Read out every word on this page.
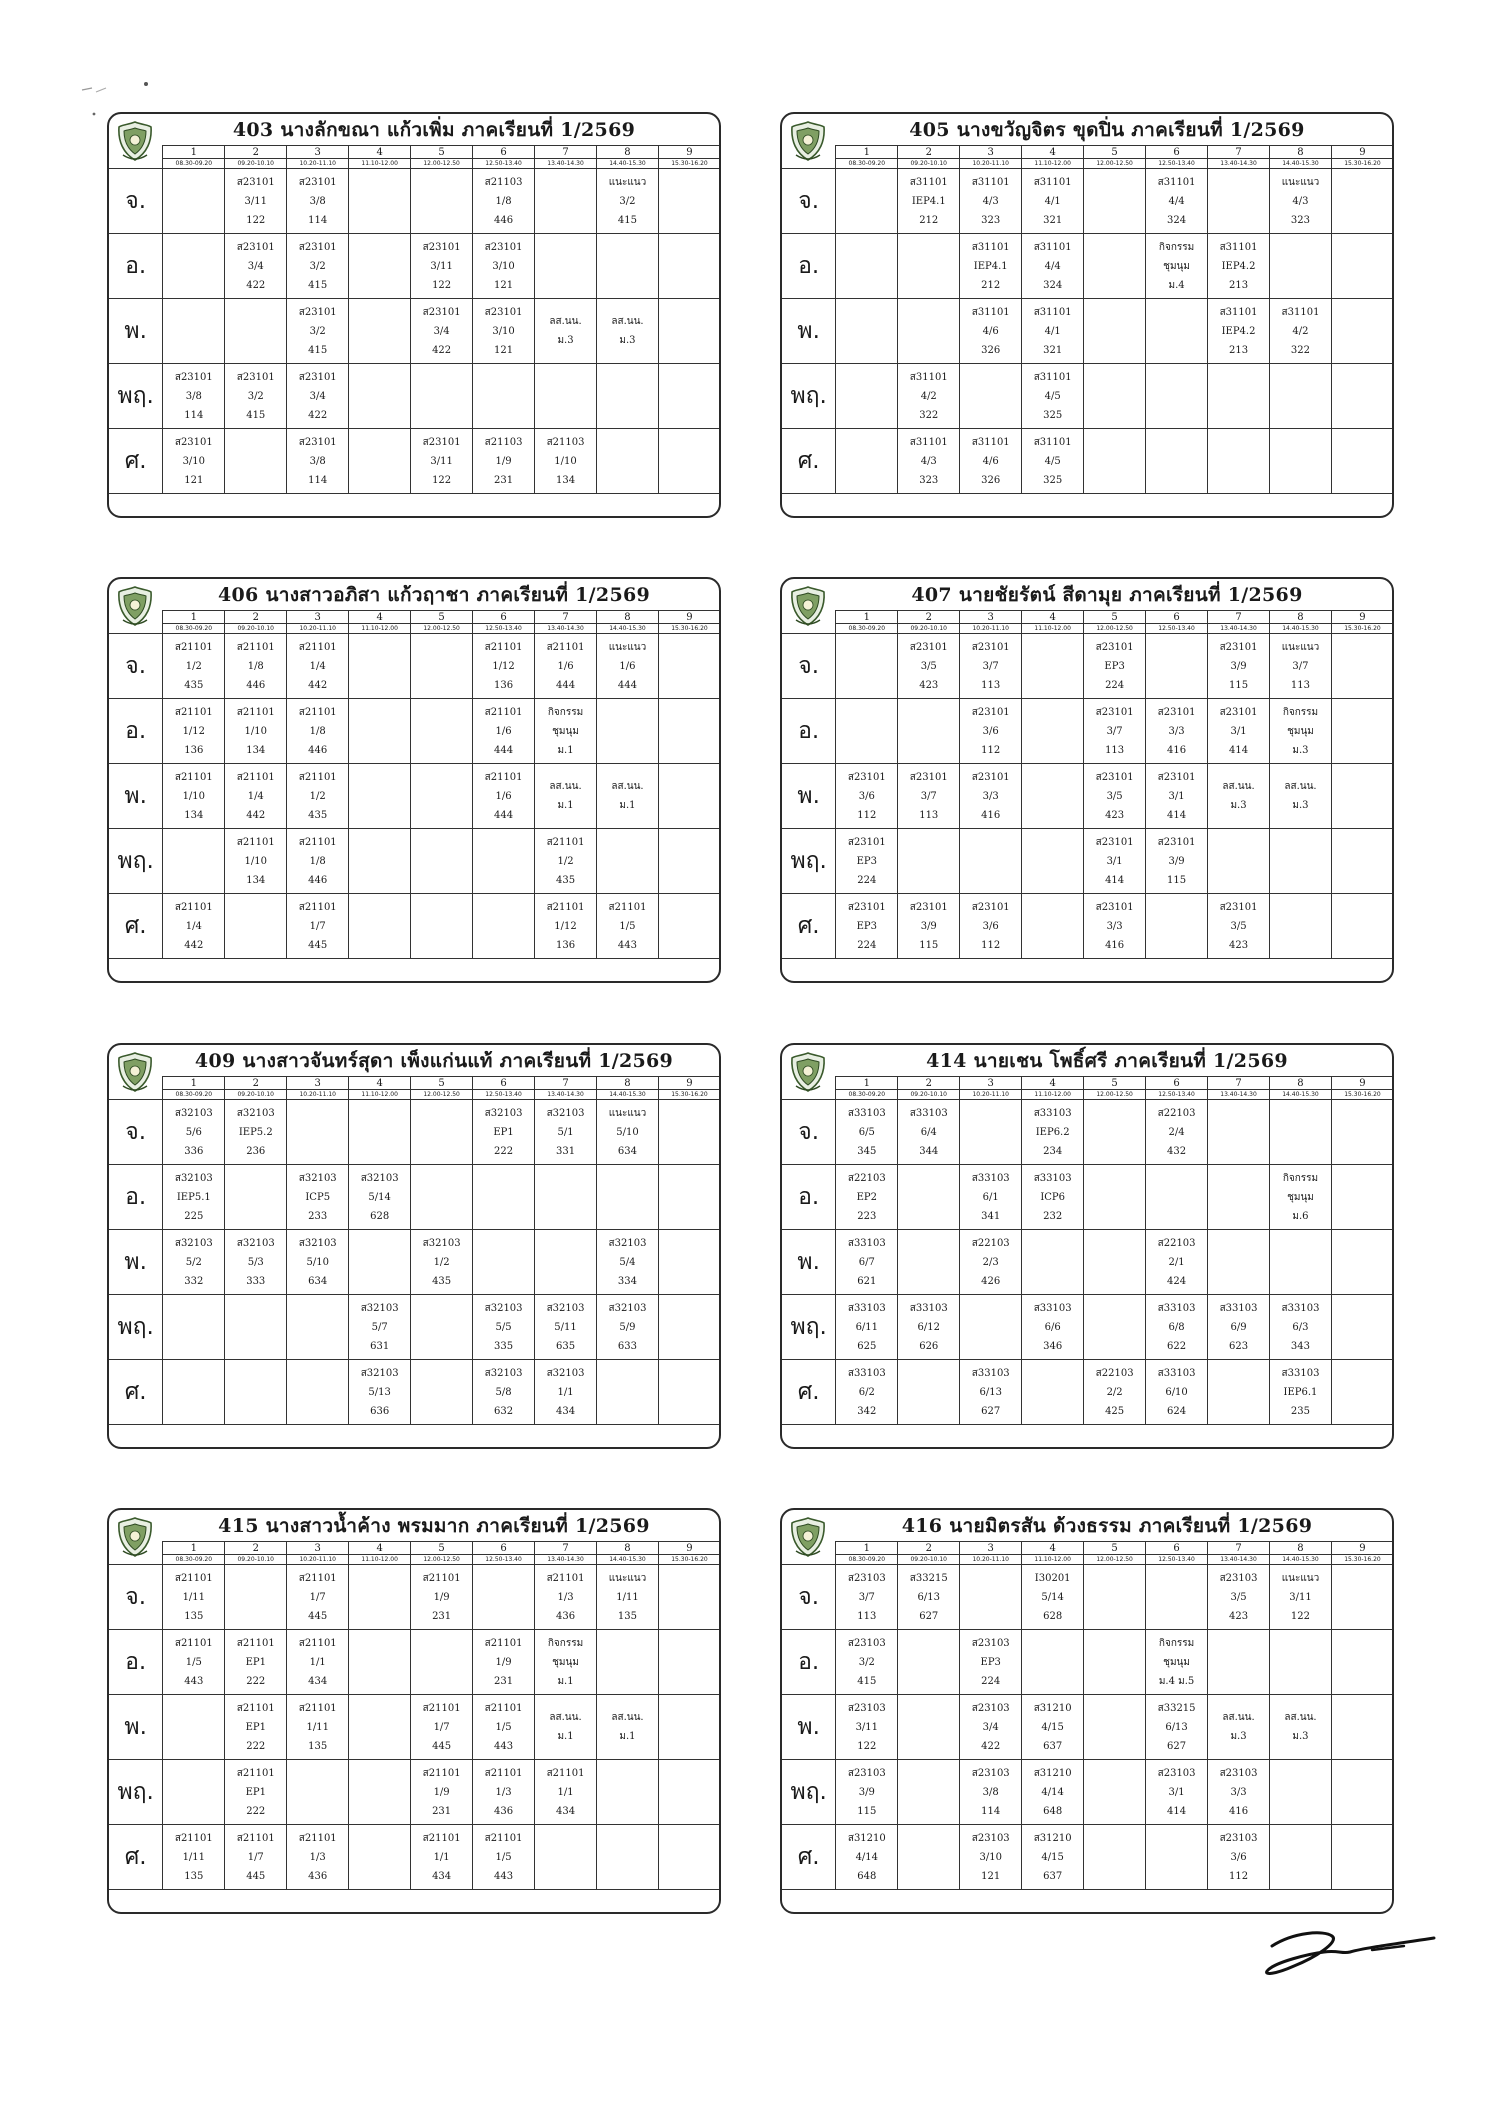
403 นางลักขณา แก้วเพิ่ม ภาคเรียนที่ 1/2569
	1	2	3	4	5	6	7	8	9
	08.30-09.20	09.20-10.10	10.20-11.10	11.10-12.00	12.00-12.50	12.50-13.40	13.40-14.30	14.40-15.30	15.30-16.20
จ.		ส23101
3/11
122	ส23101
3/8
114			ส21103
1/8
446		แนะแนว
3/2
415	

อ.		ส23101
3/4
422	ส23101
3/2
415		ส23101
3/11
122	ส23101
3/10
121			

พ.			ส23101
3/2
415		ส23101
3/4
422	ส23101
3/10
121	ลส.นน.
ม.3	ลส.นน.
ม.3	

พฤ.	ส23101
3/8
114	ส23101
3/2
415	ส23101
3/4
422						

ศ.	ส23101
3/10
121		ส23101
3/8
114		ส23101
3/11
122	ส21103
1/9
231	ส21103
1/10
134		

405 นางขวัญจิตร ขุดปิ่น ภาคเรียนที่ 1/2569
	1	2	3	4	5	6	7	8	9
	08.30-09.20	09.20-10.10	10.20-11.10	11.10-12.00	12.00-12.50	12.50-13.40	13.40-14.30	14.40-15.30	15.30-16.20
จ.		ส31101
IEP4.1
212	ส31101
4/3
323	ส31101
4/1
321		ส31101
4/4
324		แนะแนว
4/3
323	

อ.			ส31101
IEP4.1
212	ส31101
4/4
324		กิจกรรม
ชุมนุม
ม.4	ส31101
IEP4.2
213		

พ.			ส31101
4/6
326	ส31101
4/1
321			ส31101
IEP4.2
213	ส31101
4/2
322	

พฤ.		ส31101
4/2
322		ส31101
4/5
325					

ศ.		ส31101
4/3
323	ส31101
4/6
326	ส31101
4/5
325					

406 นางสาวอภิสา แก้วฤาชา ภาคเรียนที่ 1/2569
	1	2	3	4	5	6	7	8	9
	08.30-09.20	09.20-10.10	10.20-11.10	11.10-12.00	12.00-12.50	12.50-13.40	13.40-14.30	14.40-15.30	15.30-16.20
จ.	ส21101
1/2
435	ส21101
1/8
446	ส21101
1/4
442			ส21101
1/12
136	ส21101
1/6
444	แนะแนว
1/6
444	

อ.	ส21101
1/12
136	ส21101
1/10
134	ส21101
1/8
446			ส21101
1/6
444	กิจกรรม
ชุมนุม
ม.1		

พ.	ส21101
1/10
134	ส21101
1/4
442	ส21101
1/2
435			ส21101
1/6
444	ลส.นน.
ม.1	ลส.นน.
ม.1	

พฤ.		ส21101
1/10
134	ส21101
1/8
446				ส21101
1/2
435		

ศ.	ส21101
1/4
442		ส21101
1/7
445				ส21101
1/12
136	ส21101
1/5
443	

407 นายชัยรัตน์ สีดามุย ภาคเรียนที่ 1/2569
	1	2	3	4	5	6	7	8	9
	08.30-09.20	09.20-10.10	10.20-11.10	11.10-12.00	12.00-12.50	12.50-13.40	13.40-14.30	14.40-15.30	15.30-16.20
จ.		ส23101
3/5
423	ส23101
3/7
113		ส23101
EP3
224		ส23101
3/9
115	แนะแนว
3/7
113	

อ.			ส23101
3/6
112		ส23101
3/7
113	ส23101
3/3
416	ส23101
3/1
414	กิจกรรม
ชุมนุม
ม.3	

พ.	ส23101
3/6
112	ส23101
3/7
113	ส23101
3/3
416		ส23101
3/5
423	ส23101
3/1
414	ลส.นน.
ม.3	ลส.นน.
ม.3	

พฤ.	ส23101
EP3
224				ส23101
3/1
414	ส23101
3/9
115			

ศ.	ส23101
EP3
224	ส23101
3/9
115	ส23101
3/6
112		ส23101
3/3
416		ส23101
3/5
423		

409 นางสาวจันทร์สุดา เพ็งแก่นแท้ ภาคเรียนที่ 1/2569
	1	2	3	4	5	6	7	8	9
	08.30-09.20	09.20-10.10	10.20-11.10	11.10-12.00	12.00-12.50	12.50-13.40	13.40-14.30	14.40-15.30	15.30-16.20
จ.	ส32103
5/6
336	ส32103
IEP5.2
236				ส32103
EP1
222	ส32103
5/1
331	แนะแนว
5/10
634	

อ.	ส32103
IEP5.1
225		ส32103
ICP5
233	ส32103
5/14
628					

พ.	ส32103
5/2
332	ส32103
5/3
333	ส32103
5/10
634		ส32103
1/2
435			ส32103
5/4
334	

พฤ.				ส32103
5/7
631		ส32103
5/5
335	ส32103
5/11
635	ส32103
5/9
633	

ศ.				ส32103
5/13
636		ส32103
5/8
632	ส32103
1/1
434		

414 นายเชน โพธิ์ศรี ภาคเรียนที่ 1/2569
	1	2	3	4	5	6	7	8	9
	08.30-09.20	09.20-10.10	10.20-11.10	11.10-12.00	12.00-12.50	12.50-13.40	13.40-14.30	14.40-15.30	15.30-16.20
จ.	ส33103
6/5
345	ส33103
6/4
344		ส33103
IEP6.2
234		ส22103
2/4
432			

อ.	ส22103
EP2
223		ส33103
6/1
341	ส33103
ICP6
232				กิจกรรม
ชุมนุม
ม.6	

พ.	ส33103
6/7
621		ส22103
2/3
426			ส22103
2/1
424			

พฤ.	ส33103
6/11
625	ส33103
6/12
626		ส33103
6/6
346		ส33103
6/8
622	ส33103
6/9
623	ส33103
6/3
343	

ศ.	ส33103
6/2
342		ส33103
6/13
627		ส22103
2/2
425	ส33103
6/10
624		ส33103
IEP6.1
235	

415 นางสาวน้ำค้าง พรมมาก ภาคเรียนที่ 1/2569
	1	2	3	4	5	6	7	8	9
	08.30-09.20	09.20-10.10	10.20-11.10	11.10-12.00	12.00-12.50	12.50-13.40	13.40-14.30	14.40-15.30	15.30-16.20
จ.	ส21101
1/11
135		ส21101
1/7
445		ส21101
1/9
231		ส21101
1/3
436	แนะแนว
1/11
135	

อ.	ส21101
1/5
443	ส21101
EP1
222	ส21101
1/1
434			ส21101
1/9
231	กิจกรรม
ชุมนุม
ม.1		

พ.		ส21101
EP1
222	ส21101
1/11
135		ส21101
1/7
445	ส21101
1/5
443	ลส.นน.
ม.1	ลส.นน.
ม.1	

พฤ.		ส21101
EP1
222			ส21101
1/9
231	ส21101
1/3
436	ส21101
1/1
434		

ศ.	ส21101
1/11
135	ส21101
1/7
445	ส21101
1/3
436		ส21101
1/1
434	ส21101
1/5
443			

416 นายมิตรสัน ด้วงธรรม ภาคเรียนที่ 1/2569
	1	2	3	4	5	6	7	8	9
	08.30-09.20	09.20-10.10	10.20-11.10	11.10-12.00	12.00-12.50	12.50-13.40	13.40-14.30	14.40-15.30	15.30-16.20
จ.	ส23103
3/7
113	ส33215
6/13
627		I30201
5/14
628			ส23103
3/5
423	แนะแนว
3/11
122	

อ.	ส23103
3/2
415		ส23103
EP3
224			กิจกรรม
ชุมนุม
ม.4 ม.5			

พ.	ส23103
3/11
122		ส23103
3/4
422	ส31210
4/15
637		ส33215
6/13
627	ลส.นน.
ม.3	ลส.นน.
ม.3	

พฤ.	ส23103
3/9
115		ส23103
3/8
114	ส31210
4/14
648		ส23103
3/1
414	ส23103
3/3
416		

ศ.	ส31210
4/14
648		ส23103
3/10
121	ส31210
4/15
637			ส23103
3/6
112		
